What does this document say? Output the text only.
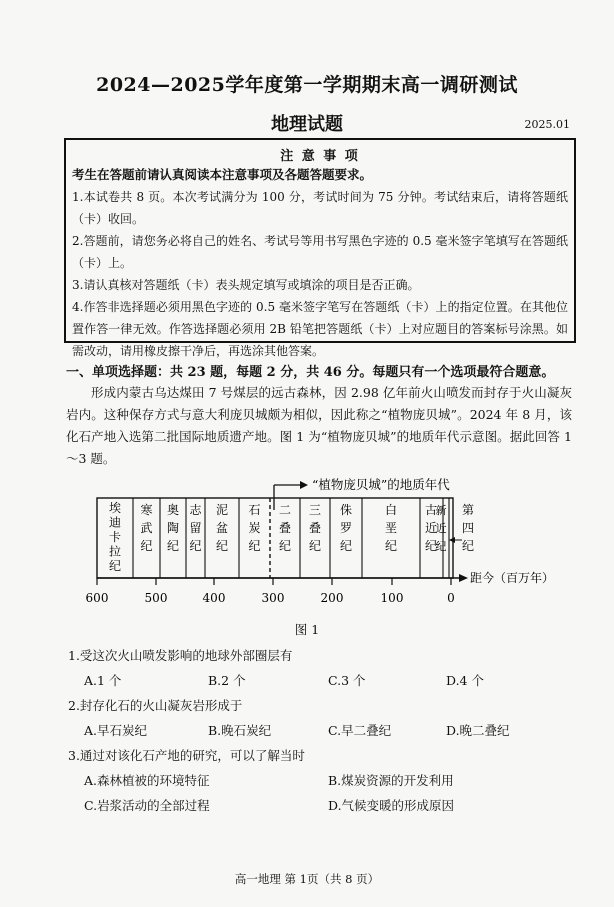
2024—2025学年度第一学期期末高一调研测试
地理试题	2025.01
注 意 事 项
考生在答题前请认真阅读本注意事项及各题答题要求。
1.本试卷共 8 页。本次考试满分为 100 分，考试时间为 75 分钟。考试结束后，请将答题纸（卡）收回。
2.答题前，请您务必将自己的姓名、考试号等用书写黑色字迹的 0.5 毫米签字笔填写在答题纸（卡）上。
3.请认真核对答题纸（卡）表头规定填写或填涂的项目是否正确。
4.作答非选择题必须用黑色字迹的 0.5 毫米签字笔写在答题纸（卡）上的指定位置。在其他位置作答一律无效。作答选择题必须用 2B 铅笔把答题纸（卡）上对应题目的答案标号涂黑。如需改动，请用橡皮擦干净后，再选涂其他答案。
一、单项选择题：共 23 题，每题 2 分，共 46 分。每题只有一个选项最符合题意。
形成内蒙古乌达煤田 7 号煤层的远古森林，因 2.98 亿年前火山喷发而封存于火山凝灰岩内。这种保存方式与意大利庞贝城颇为相似，因此称之“植物庞贝城”。2024 年 8 月，该化石产地入选第二批国际地质遗产地。图 1 为“植物庞贝城”的地质年代示意图。据此回答 1～3 题。
“植物庞贝城”的地质年代
埃
迪
卡
拉
纪
寒
武
纪
奥
陶
纪
志
留
纪
泥
盆
纪
石
炭
纪
二
叠
纪
三
叠
纪
侏
罗
纪
白
垩
纪
古
近
纪
新
近
纪
第
四
纪
距今（百万年）
600	500	400	300	200	100	0
图 1
1.受这次火山喷发影响的地球外部圈层有
A.1 个	B.2 个	C.3 个	D.4 个
2.封存化石的火山凝灰岩形成于
A.早石炭纪	B.晚石炭纪	C.早二叠纪	D.晚二叠纪
3.通过对该化石产地的研究，可以了解当时
A.森林植被的环境特征	B.煤炭资源的开发利用
C.岩浆活动的全部过程	D.气候变暖的形成原因
高一地理 第 1页（共 8 页）
